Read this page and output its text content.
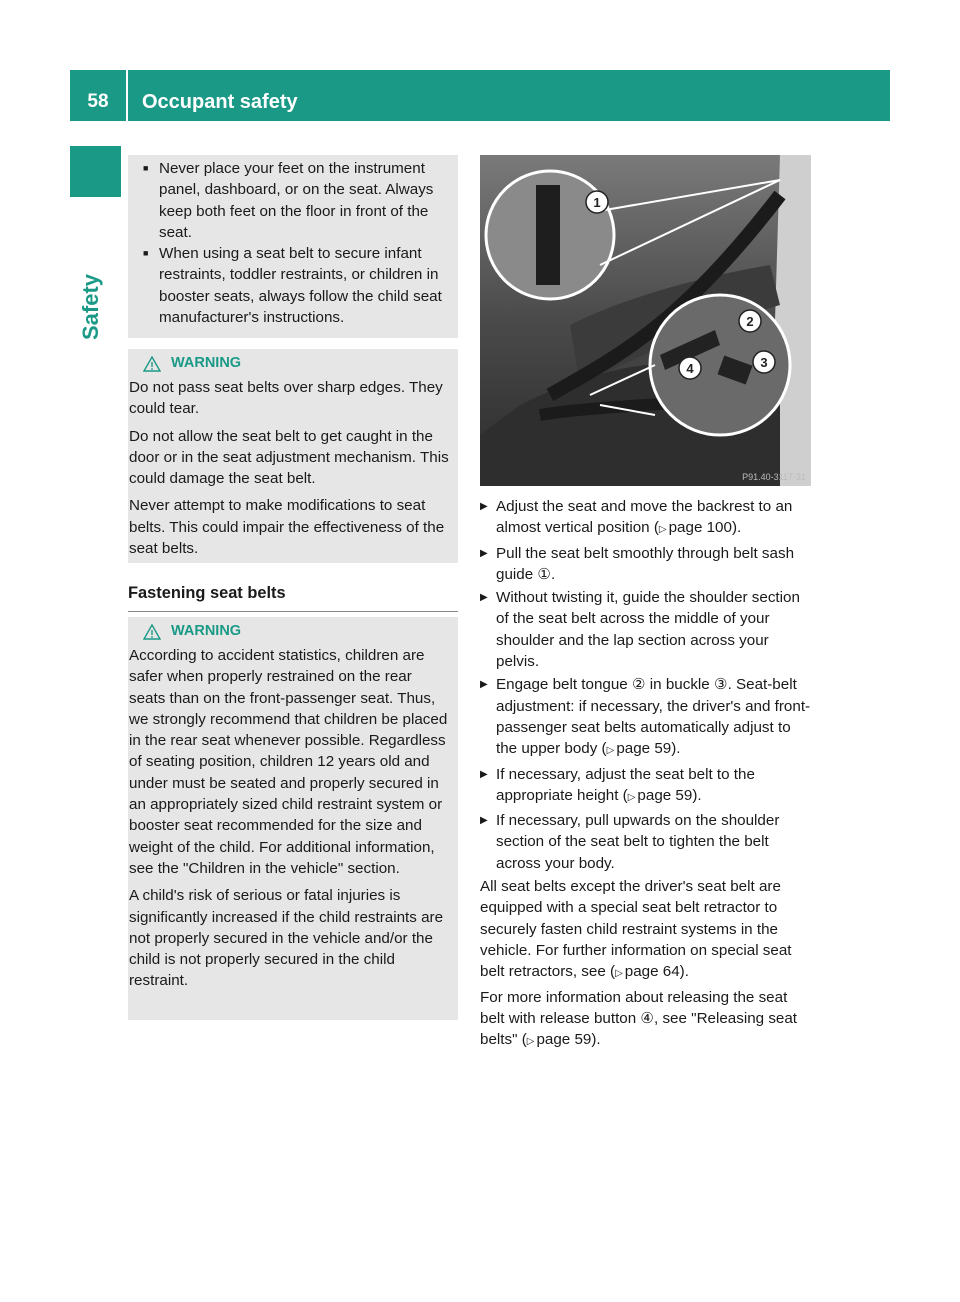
58	Occupant safety
Safety
■ Never place your feet on the instrument panel, dashboard, or on the seat. Always keep both feet on the floor in front of the seat.
■ When using a seat belt to secure infant restraints, toddler restraints, or children in booster seats, always follow the child seat manufacturer's instructions.
WARNING

Do not pass seat belts over sharp edges. They could tear.

Do not allow the seat belt to get caught in the door or in the seat adjustment mechanism. This could damage the seat belt.

Never attempt to make modifications to seat belts. This could impair the effectiveness of the seat belts.

Fastening seat belts
WARNING

According to accident statistics, children are safer when properly restrained on the rear seats than on the front-passenger seat. Thus, we strongly recommend that children be placed in the rear seat whenever possible. Regardless of seating position, children 12 years old and under must be seated and properly secured in an appropriately sized child restraint system or booster seat recommended for the size and weight of the child. For additional information, see the "Children in the vehicle" section.

A child's risk of serious or fatal injuries is significantly increased if the child restraints are not properly secured in the vehicle and/or the child is not properly secured in the child restraint.

1
2
3
4
P91.40-3117-31
▶ Adjust the seat and move the backrest to an almost vertical position ( ▷ page 100).
▶ Pull the seat belt smoothly through belt sash guide ①.
▶ Without twisting it, guide the shoulder section of the seat belt across the middle of your shoulder and the lap section across your pelvis.
▶ Engage belt tongue ② in buckle ③. Seat-belt adjustment: if necessary, the driver's and front-passenger seat belts automatically adjust to the upper body ( ▷ page 59).
▶ If necessary, adjust the seat belt to the appropriate height ( ▷ page 59).
▶ If necessary, pull upwards on the shoulder section of the seat belt to tighten the belt across your body.

All seat belts except the driver's seat belt are equipped with a special seat belt retractor to securely fasten child restraint systems in the vehicle. For further information on special seat belt retractors, see ( ▷ page 64).

For more information about releasing the seat belt with release button ④, see "Releasing seat belts" ( ▷ page 59).
